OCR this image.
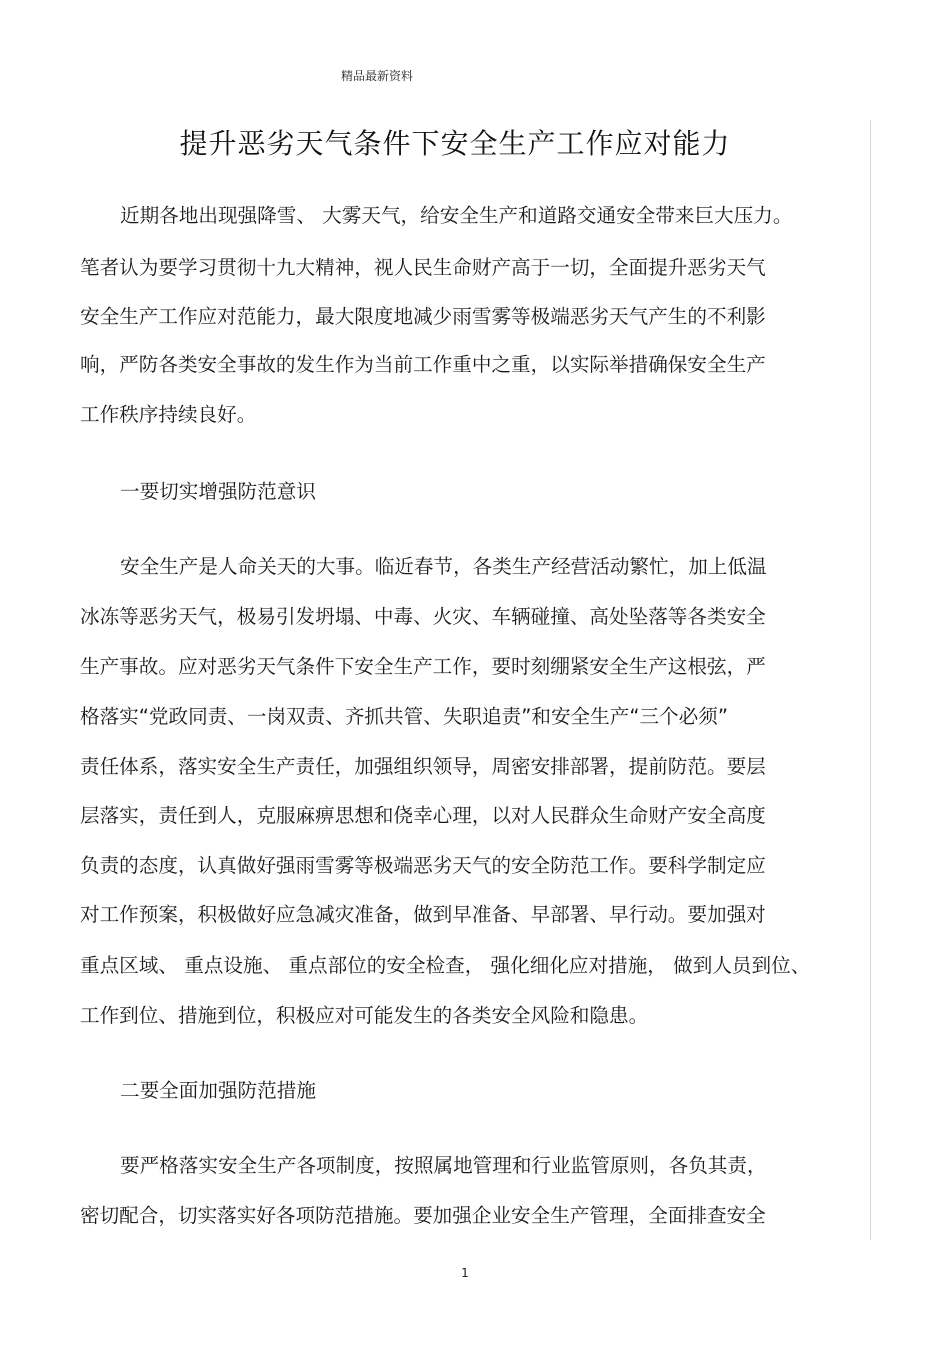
精品最新资料
提升恶劣天气条件下安全生产工作应对能力
近期各地出现强降雪、 大雾天气，给安全生产和道路交通安全带来巨大压力。
笔者认为要学习贯彻十九大精神，视人民生命财产高于一切，全面提升恶劣天气
安全生产工作应对范能力，最大限度地减少雨雪雾等极端恶劣天气产生的不利影
响，严防各类安全事故的发生作为当前工作重中之重，以实际举措确保安全生产
工作秩序持续良好。
一要切实增强防范意识
安全生产是人命关天的大事。临近春节，各类生产经营活动繁忙，加上低温
冰冻等恶劣天气，极易引发坍塌、中毒、火灾、车辆碰撞、高处坠落等各类安全
生产事故。应对恶劣天气条件下安全生产工作，要时刻绷紧安全生产这根弦，严
格落实“党政同责、一岗双责、齐抓共管、失职追责”和安全生产“三个必须”
责任体系，落实安全生产责任，加强组织领导，周密安排部署，提前防范。要层
层落实，责任到人，克服麻痹思想和侥幸心理，以对人民群众生命财产安全高度
负责的态度，认真做好强雨雪雾等极端恶劣天气的安全防范工作。要科学制定应
对工作预案，积极做好应急减灾准备，做到早准备、早部署、早行动。要加强对
重点区域、 重点设施、 重点部位的安全检查， 强化细化应对措施， 做到人员到位、
工作到位、措施到位，积极应对可能发生的各类安全风险和隐患。
二要全面加强防范措施
要严格落实安全生产各项制度，按照属地管理和行业监管原则，各负其责，
密切配合，切实落实好各项防范措施。要加强企业安全生产管理，全面排查安全
1
